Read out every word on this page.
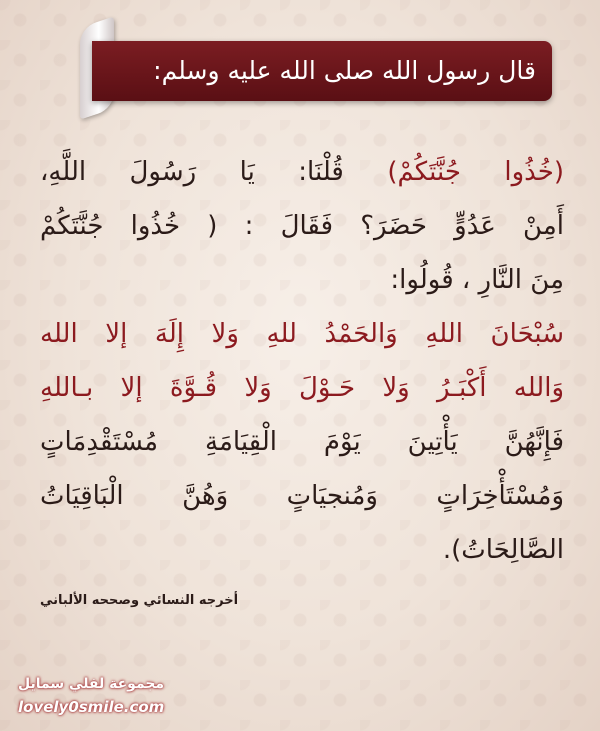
قال رسول الله صلى الله عليه وسلم:
(خُذُوا جُنَّتَكُمْ) قُلْنَا: يَا رَسُولَ اللَّهِ،
أَمِنْ عَدُوٍّ حَضَرَ؟ فَقَالَ : ( خُذُوا جُنَّتَكُمْ
مِنَ النَّارِ ، قُولُوا:
سُبْحَانَ اللهِ وَالحَمْدُ للهِ وَلا إِلَهَ إلا الله
وَالله أَكْبَـرُ وَلا حَـوْلَ وَلا قُـوَّةَ إلا بـاللهِ
فَإِنَّهُنَّ يَأْتِينَ يَوْمَ الْقِيَامَةِ مُسْتَقْدِمَاتٍ
وَمُسْتَأْخِرَاتٍ وَمُنجيَاتٍ وَهُنَّ الْبَاقِيَاتُ
الصَّالِحَاتُ).
أخرجه النسائي وصححه الألباني
مجموعة لفلي سمايل
lovely0smile.com
